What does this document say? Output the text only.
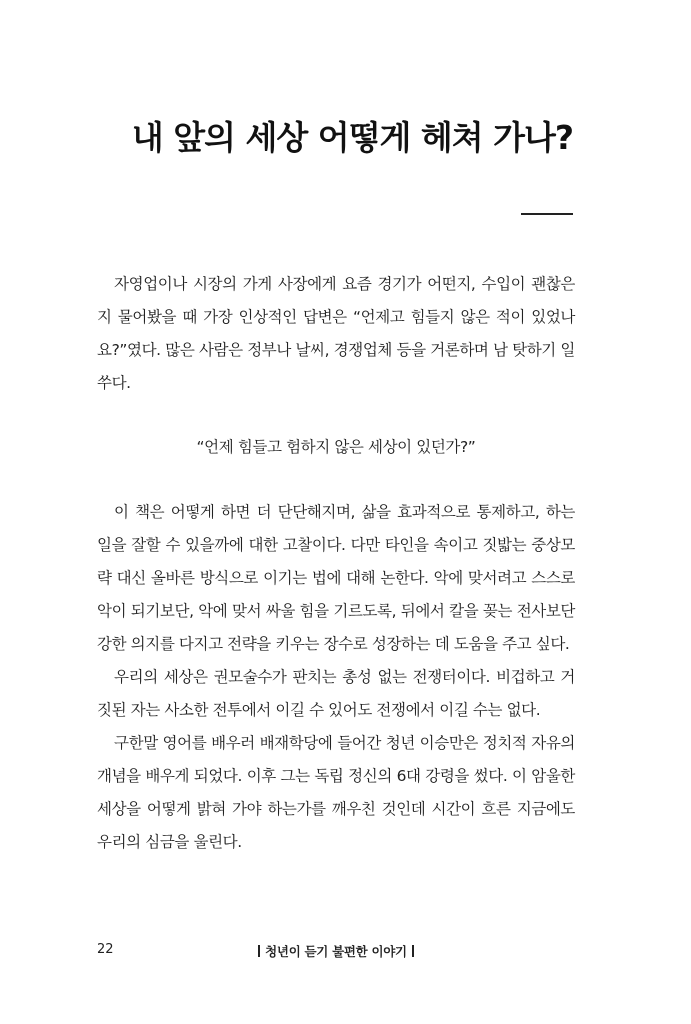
내 앞의 세상 어떻게 헤쳐 가나?

자영업이나 시장의 가게 사장에게 요즘 경기가 어떤지, 수입이 괜찮은지 물어봤을 때 가장 인상적인 답변은 “언제고 힘들지 않은 적이 있었나요?”였다. 많은 사람은 정부나 날씨, 경쟁업체 등을 거론하며 남 탓하기 일쑤다.

“언제 힘들고 험하지 않은 세상이 있던가?”

이 책은 어떻게 하면 더 단단해지며, 삶을 효과적으로 통제하고, 하는 일을 잘할 수 있을까에 대한 고찰이다. 다만 타인을 속이고 짓밟는 중상모략 대신 올바른 방식으로 이기는 법에 대해 논한다. 악에 맞서려고 스스로 악이 되기보단, 악에 맞서 싸울 힘을 기르도록, 뒤에서 칼을 꽂는 전사보단 강한 의지를 다지고 전략을 키우는 장수로 성장하는 데 도움을 주고 싶다.

우리의 세상은 권모술수가 판치는 총성 없는 전쟁터이다. 비겁하고 거짓된 자는 사소한 전투에서 이길 수 있어도 전쟁에서 이길 수는 없다.

구한말 영어를 배우러 배재학당에 들어간 청년 이승만은 정치적 자유의 개념을 배우게 되었다. 이후 그는 독립 정신의 6대 강령을 썼다. 이 암울한 세상을 어떻게 밝혀 가야 하는가를 깨우친 것인데 시간이 흐른 지금에도 우리의 심금을 울린다.

22	청년이 듣기 불편한 이야기
